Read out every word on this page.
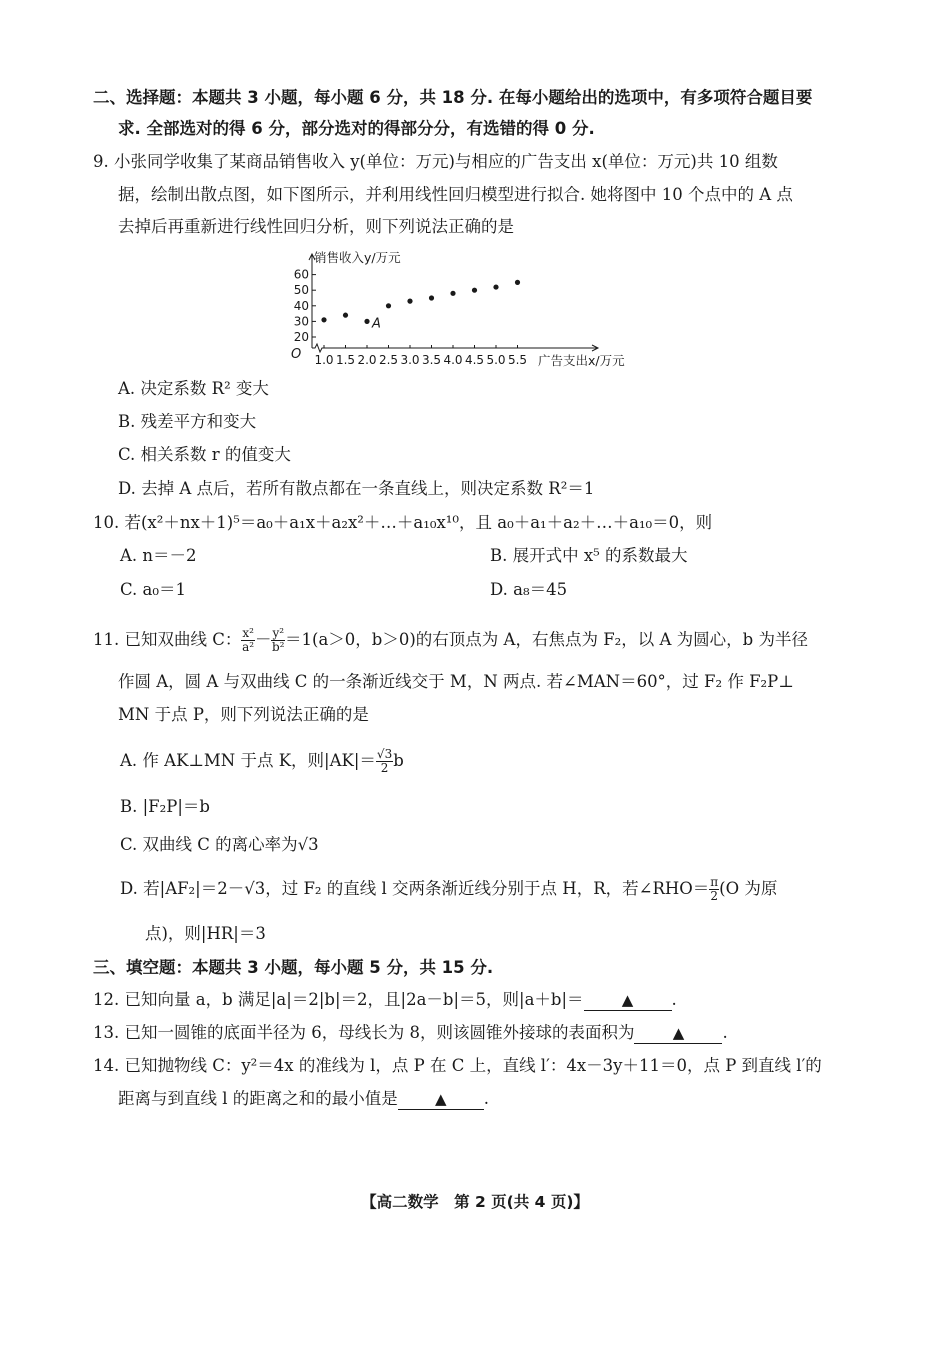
二、选择题：本题共 3 小题，每小题 6 分，共 18 分. 在每小题给出的选项中，有多项符合题目要
求. 全部选对的得 6 分，部分选对的得部分分，有选错的得 0 分.
9. 小张同学收集了某商品销售收入 y(单位：万元)与相应的广告支出 x(单位：万元)共 10 组数
据，绘制出散点图，如下图所示，并利用线性回归模型进行拟合. 她将图中 10 个点中的 A 点
去掉后再重新进行线性回归分析，则下列说法正确的是
20
30
40
50
60
1.0 1.5 2.0 2.5 3.0 3.5 4.0 4.5 5.0 5.5
销售收入y/万元
广告支出x/万元
O
A
A. 决定系数 R² 变大
B. 残差平方和变大
C. 相关系数 r 的值变大
D. 去掉 A 点后，若所有散点都在一条直线上，则决定系数 R²＝1
10. 若(x²＋nx＋1)⁵＝a₀＋a₁x＋a₂x²＋…＋a₁₀x¹⁰，且 a₀＋a₁＋a₂＋…＋a₁₀＝0，则
A. n＝－2	B. 展开式中 x⁵ 的系数最大
C. a₀＝1	D. a₈＝45
11. 已知双曲线 C： $\frac{\text{x²}}{\text{a²}} - \frac{\text{y²}}{\text{b²}} =1(a>0$，b＞0)的右顶点为 A，右焦点为 F₂，以 A 为圆心，b 为半径
作圆 A，圆 A 与双曲线 C 的一条渐近线交于 M，N 两点. 若∠MAN＝60°，过 F₂ 作 F₂P⊥
MN 于点 P，则下列说法正确的是
A. 作 AK⊥MN 于点 K，则$|AK|= \frac{√3}{2}$ b
B. |F₂P|＝b
C. 双曲线 C 的离心率为√3
D. 若|AF₂|＝2－√3，过 F₂ 的直线 l 交两条渐近线分别于点 H，R，若∠RHO＝ $\frac{\pi}{2} (O$ 为原
点)，则|HR|＝3
三、填空题：本题共 3 小题，每小题 5 分，共 15 分.
12. 已知向量 a，b 满足|a|＝2|b|＝2，且|2a－b|＝5，则|a＋b|＝	▲ .
13. 已知一圆锥的底面半径为 6，母线长为 8，则该圆锥外接球的表面积为	▲ .
14. 已知抛物线 C：y²＝4x 的准线为 l，点 P 在 C 上，直线 l′：4x－3y＋11＝0，点 P 到直线 l′的
距离与到直线 l 的距离之和的最小值是 ▲ .
【高二数学　第 2 页(共 4 页)】
